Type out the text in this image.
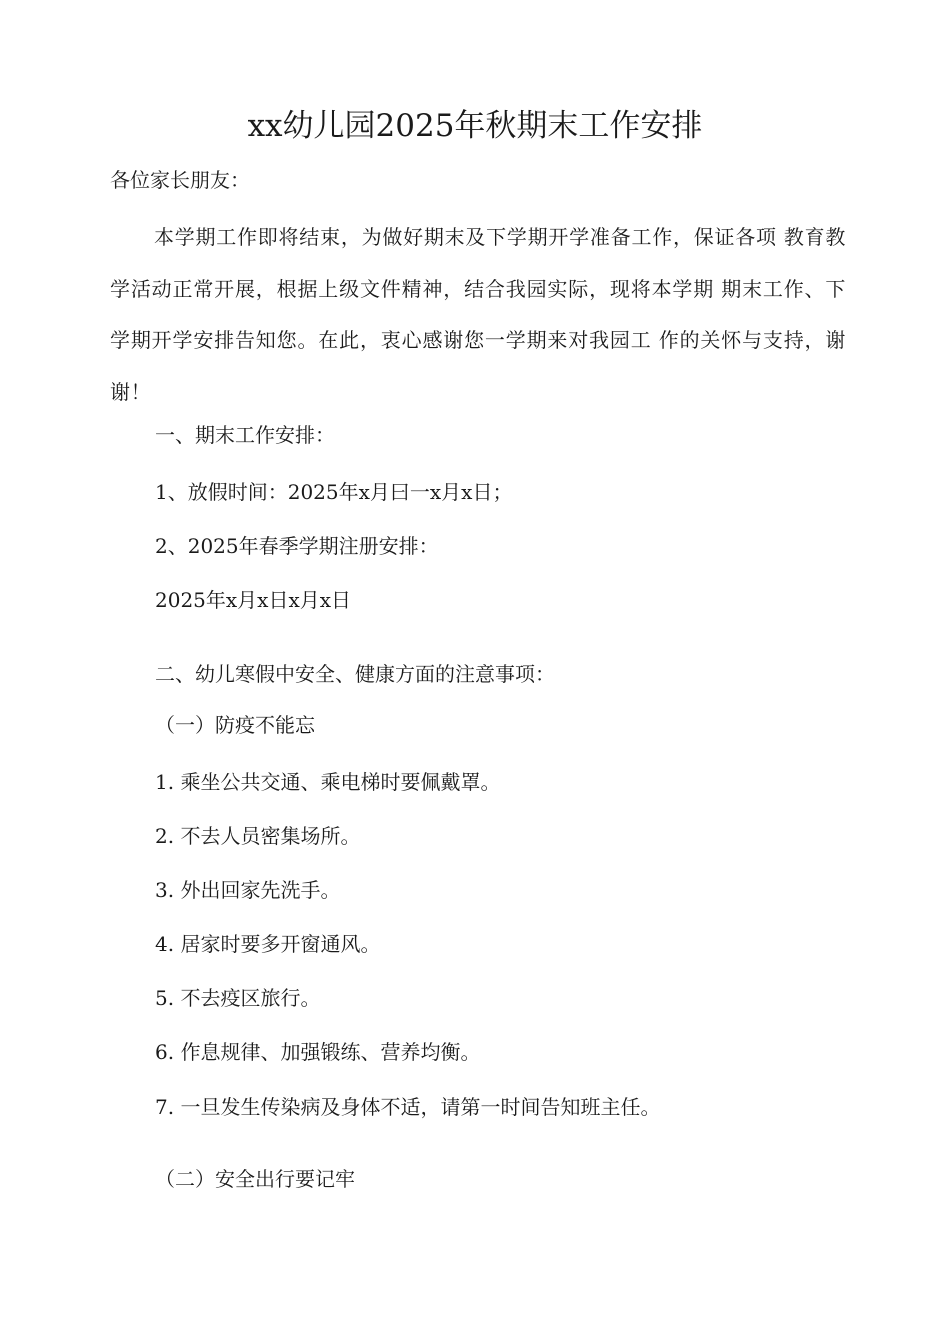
xx幼儿园2025年秋期末工作安排
各位家长朋友：
本学期工作即将结束，为做好期末及下学期开学准备工作，保证各项 教育教学活动正常开展，根据上级文件精神，结合我园实际，现将本学期 期末工作、下学期开学安排告知您。在此，衷心感谢您一学期来对我园工 作的关怀与支持，谢谢！
一、期末工作安排：
1、放假时间：2025年x月曰一x月x日；
2、2025年春季学期注册安排：
2025年x月x日x月x日
二、幼儿寒假中安全、健康方面的注意事项：
（一）防疫不能忘
1. 乘坐公共交通、乘电梯时要佩戴罩。
2. 不去人员密集场所。
3. 外出回家先洗手。
4. 居家时要多开窗通风。
5. 不去疫区旅行。
6. 作息规律、加强锻练、营养均衡。
7. 一旦发生传染病及身体不适，请第一时间告知班主任。
（二）安全出行要记牢
